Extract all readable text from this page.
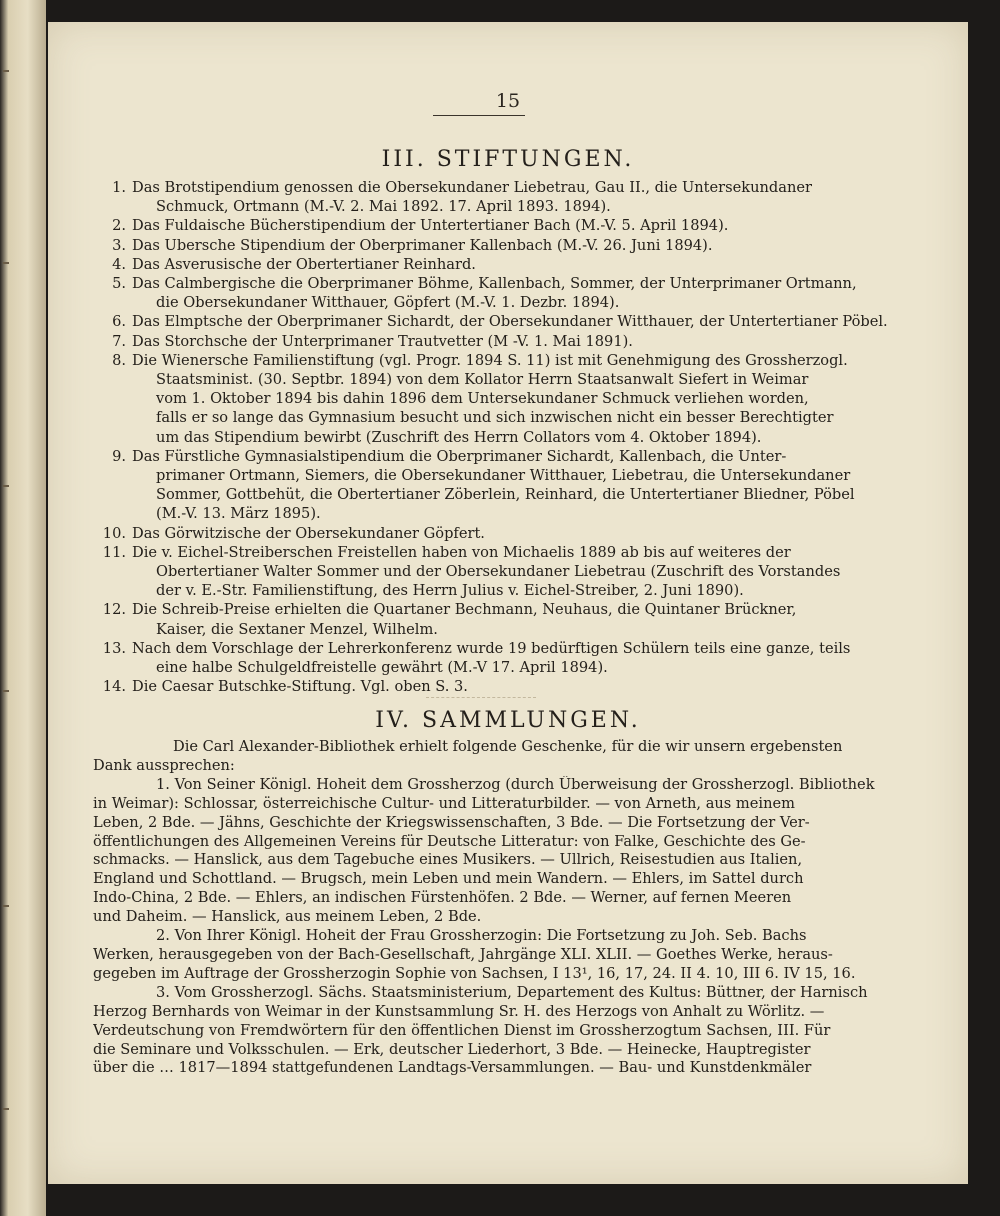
15
III. STIFTUNGEN.
1. Das Brotstipendium genossen die Obersekundaner Liebetrau, Gau II., die Untersekundaner
Schmuck, Ortmann (M.-V. 2. Mai 1892. 17. April 1893. 1894).
2. Das Fuldaische Bücherstipendium der Untertertianer Bach (M.-V. 5. April 1894).
3. Das Ubersche Stipendium der Oberprimaner Kallenbach (M.-V. 26. Juni 1894).
4. Das Asverusische der Obertertianer Reinhard.
5. Das Calmbergische die Oberprimaner Böhme, Kallenbach, Sommer, der Unterprimaner Ortmann,
die Obersekundaner Witthauer, Göpfert (M.-V. 1. Dezbr. 1894).
6. Das Elmptsche der Oberprimaner Sichardt, der Obersekundaner Witthauer, der Untertertianer Pöbel.
7. Das Storchsche der Unterprimaner Trautvetter (M -V. 1. Mai 1891).
8. Die Wienersche Familienstiftung (vgl. Progr. 1894 S. 11) ist mit Genehmigung des Grossherzogl.
Staatsminist. (30. Septbr. 1894) von dem Kollator Herrn Staatsanwalt Siefert in Weimar
vom 1. Oktober 1894 bis dahin 1896 dem Untersekundaner Schmuck verliehen worden,
falls er so lange das Gymnasium besucht und sich inzwischen nicht ein besser Berechtigter
um das Stipendium bewirbt (Zuschrift des Herrn Collators vom 4. Oktober 1894).
9. Das Fürstliche Gymnasialstipendium die Oberprimaner Sichardt, Kallenbach, die Unter-
primaner Ortmann, Siemers, die Obersekundaner Witthauer, Liebetrau, die Untersekundaner
Sommer, Gottbehüt, die Obertertianer Zöberlein, Reinhard, die Untertertianer Bliedner, Pöbel
(M.-V. 13. März 1895).
10. Das Görwitzische der Obersekundaner Göpfert.
11. Die v. Eichel-Streiberschen Freistellen haben von Michaelis 1889 ab bis auf weiteres der
Obertertianer Walter Sommer und der Obersekundaner Liebetrau (Zuschrift des Vorstandes
der v. E.-Str. Familienstiftung, des Herrn Julius v. Eichel-Streiber, 2. Juni 1890).
12. Die Schreib-Preise erhielten die Quartaner Bechmann, Neuhaus, die Quintaner Brückner,
Kaiser, die Sextaner Menzel, Wilhelm.
13. Nach dem Vorschlage der Lehrerkonferenz wurde 19 bedürftigen Schülern teils eine ganze, teils
eine halbe Schulgeldfreistelle gewährt (M.-V 17. April 1894).
14. Die Caesar Butschke-Stiftung. Vgl. oben S. 3.
IV. SAMMLUNGEN.
Die Carl Alexander-Bibliothek erhielt folgende Geschenke, für die wir unsern ergebensten
Dank aussprechen:
1. Von Seiner Königl. Hoheit dem Grossherzog (durch Überweisung der Grossherzogl. Bibliothek
in Weimar): Schlossar, österreichische Cultur- und Litteraturbilder. — von Arneth, aus meinem
Leben, 2 Bde. — Jähns, Geschichte der Kriegswissenschaften, 3 Bde. — Die Fortsetzung der Ver-
öffentlichungen des Allgemeinen Vereins für Deutsche Litteratur: von Falke, Geschichte des Ge-
schmacks. — Hanslick, aus dem Tagebuche eines Musikers. — Ullrich, Reisestudien aus Italien,
England und Schottland. — Brugsch, mein Leben und mein Wandern. — Ehlers, im Sattel durch
Indo-China, 2 Bde. — Ehlers, an indischen Fürstenhöfen. 2 Bde. — Werner, auf fernen Meeren
und Daheim. — Hanslick, aus meinem Leben, 2 Bde.
2. Von Ihrer Königl. Hoheit der Frau Grossherzogin: Die Fortsetzung zu Joh. Seb. Bachs
Werken, herausgegeben von der Bach-Gesellschaft, Jahrgänge XLI. XLII. — Goethes Werke, heraus-
gegeben im Auftrage der Grossherzogin Sophie von Sachsen, I 13¹, 16, 17, 24. II 4. 10, III 6. IV 15, 16.
3. Vom Grossherzogl. Sächs. Staatsministerium, Departement des Kultus: Büttner, der Harnisch
Herzog Bernhards von Weimar in der Kunstsammlung Sr. H. des Herzogs von Anhalt zu Wörlitz. —
Verdeutschung von Fremdwörtern für den öffentlichen Dienst im Grossherzogtum Sachsen, III. Für
die Seminare und Volksschulen. — Erk, deutscher Liederhort, 3 Bde. — Heinecke, Hauptregister
über die … 1817—1894 stattgefundenen Landtags-Versammlungen. — Bau- und Kunstdenkmäler
